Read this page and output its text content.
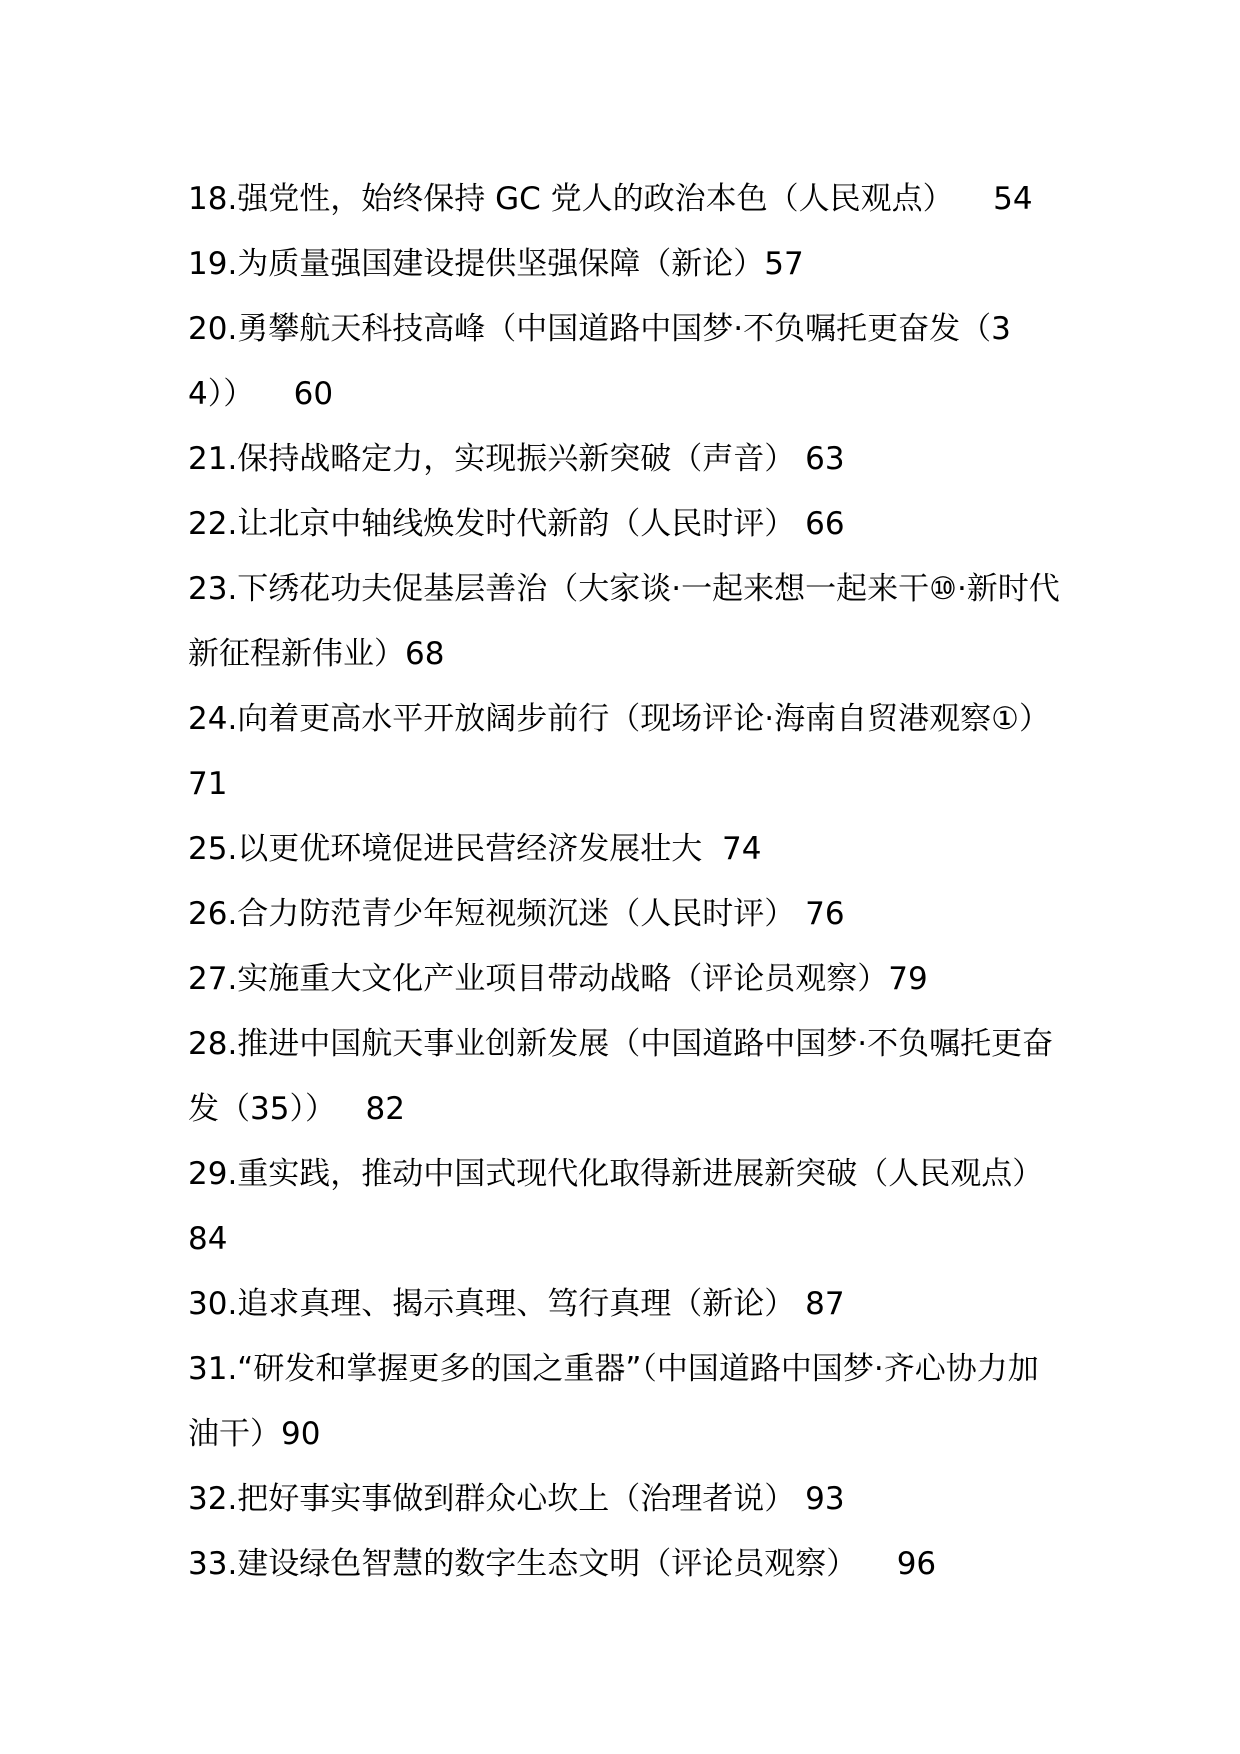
18.强党性，始终保持 GC 党人的政治本色（人民观点）    54
19.为质量强国建设提供坚强保障（新论）57
20.勇攀航天科技高峰（中国道路中国梦·不负嘱托更奋发（34））    60
21.保持战略定力，实现振兴新突破（声音） 63
22.让北京中轴线焕发时代新韵（人民时评） 66
23.下绣花功夫促基层善治（大家谈·一起来想一起来干⑩·新时代新征程新伟业）68
24.向着更高水平开放阔步前行（现场评论·海南自贸港观察①） 71
25.以更优环境促进民营经济发展壮大  74
26.合力防范青少年短视频沉迷（人民时评） 76
27.实施重大文化产业项目带动战略（评论员观察）79
28.推进中国航天事业创新发展（中国道路中国梦·不负嘱托更奋发（35））   82
29.重实践，推动中国式现代化取得新进展新突破（人民观点） 84
30.追求真理、揭示真理、笃行真理（新论） 87
31.“研发和掌握更多的国之重器”（中国道路中国梦·齐心协力加油干）90
32.把好事实事做到群众心坎上（治理者说） 93
33.建设绿色智慧的数字生态文明（评论员观察）    96
